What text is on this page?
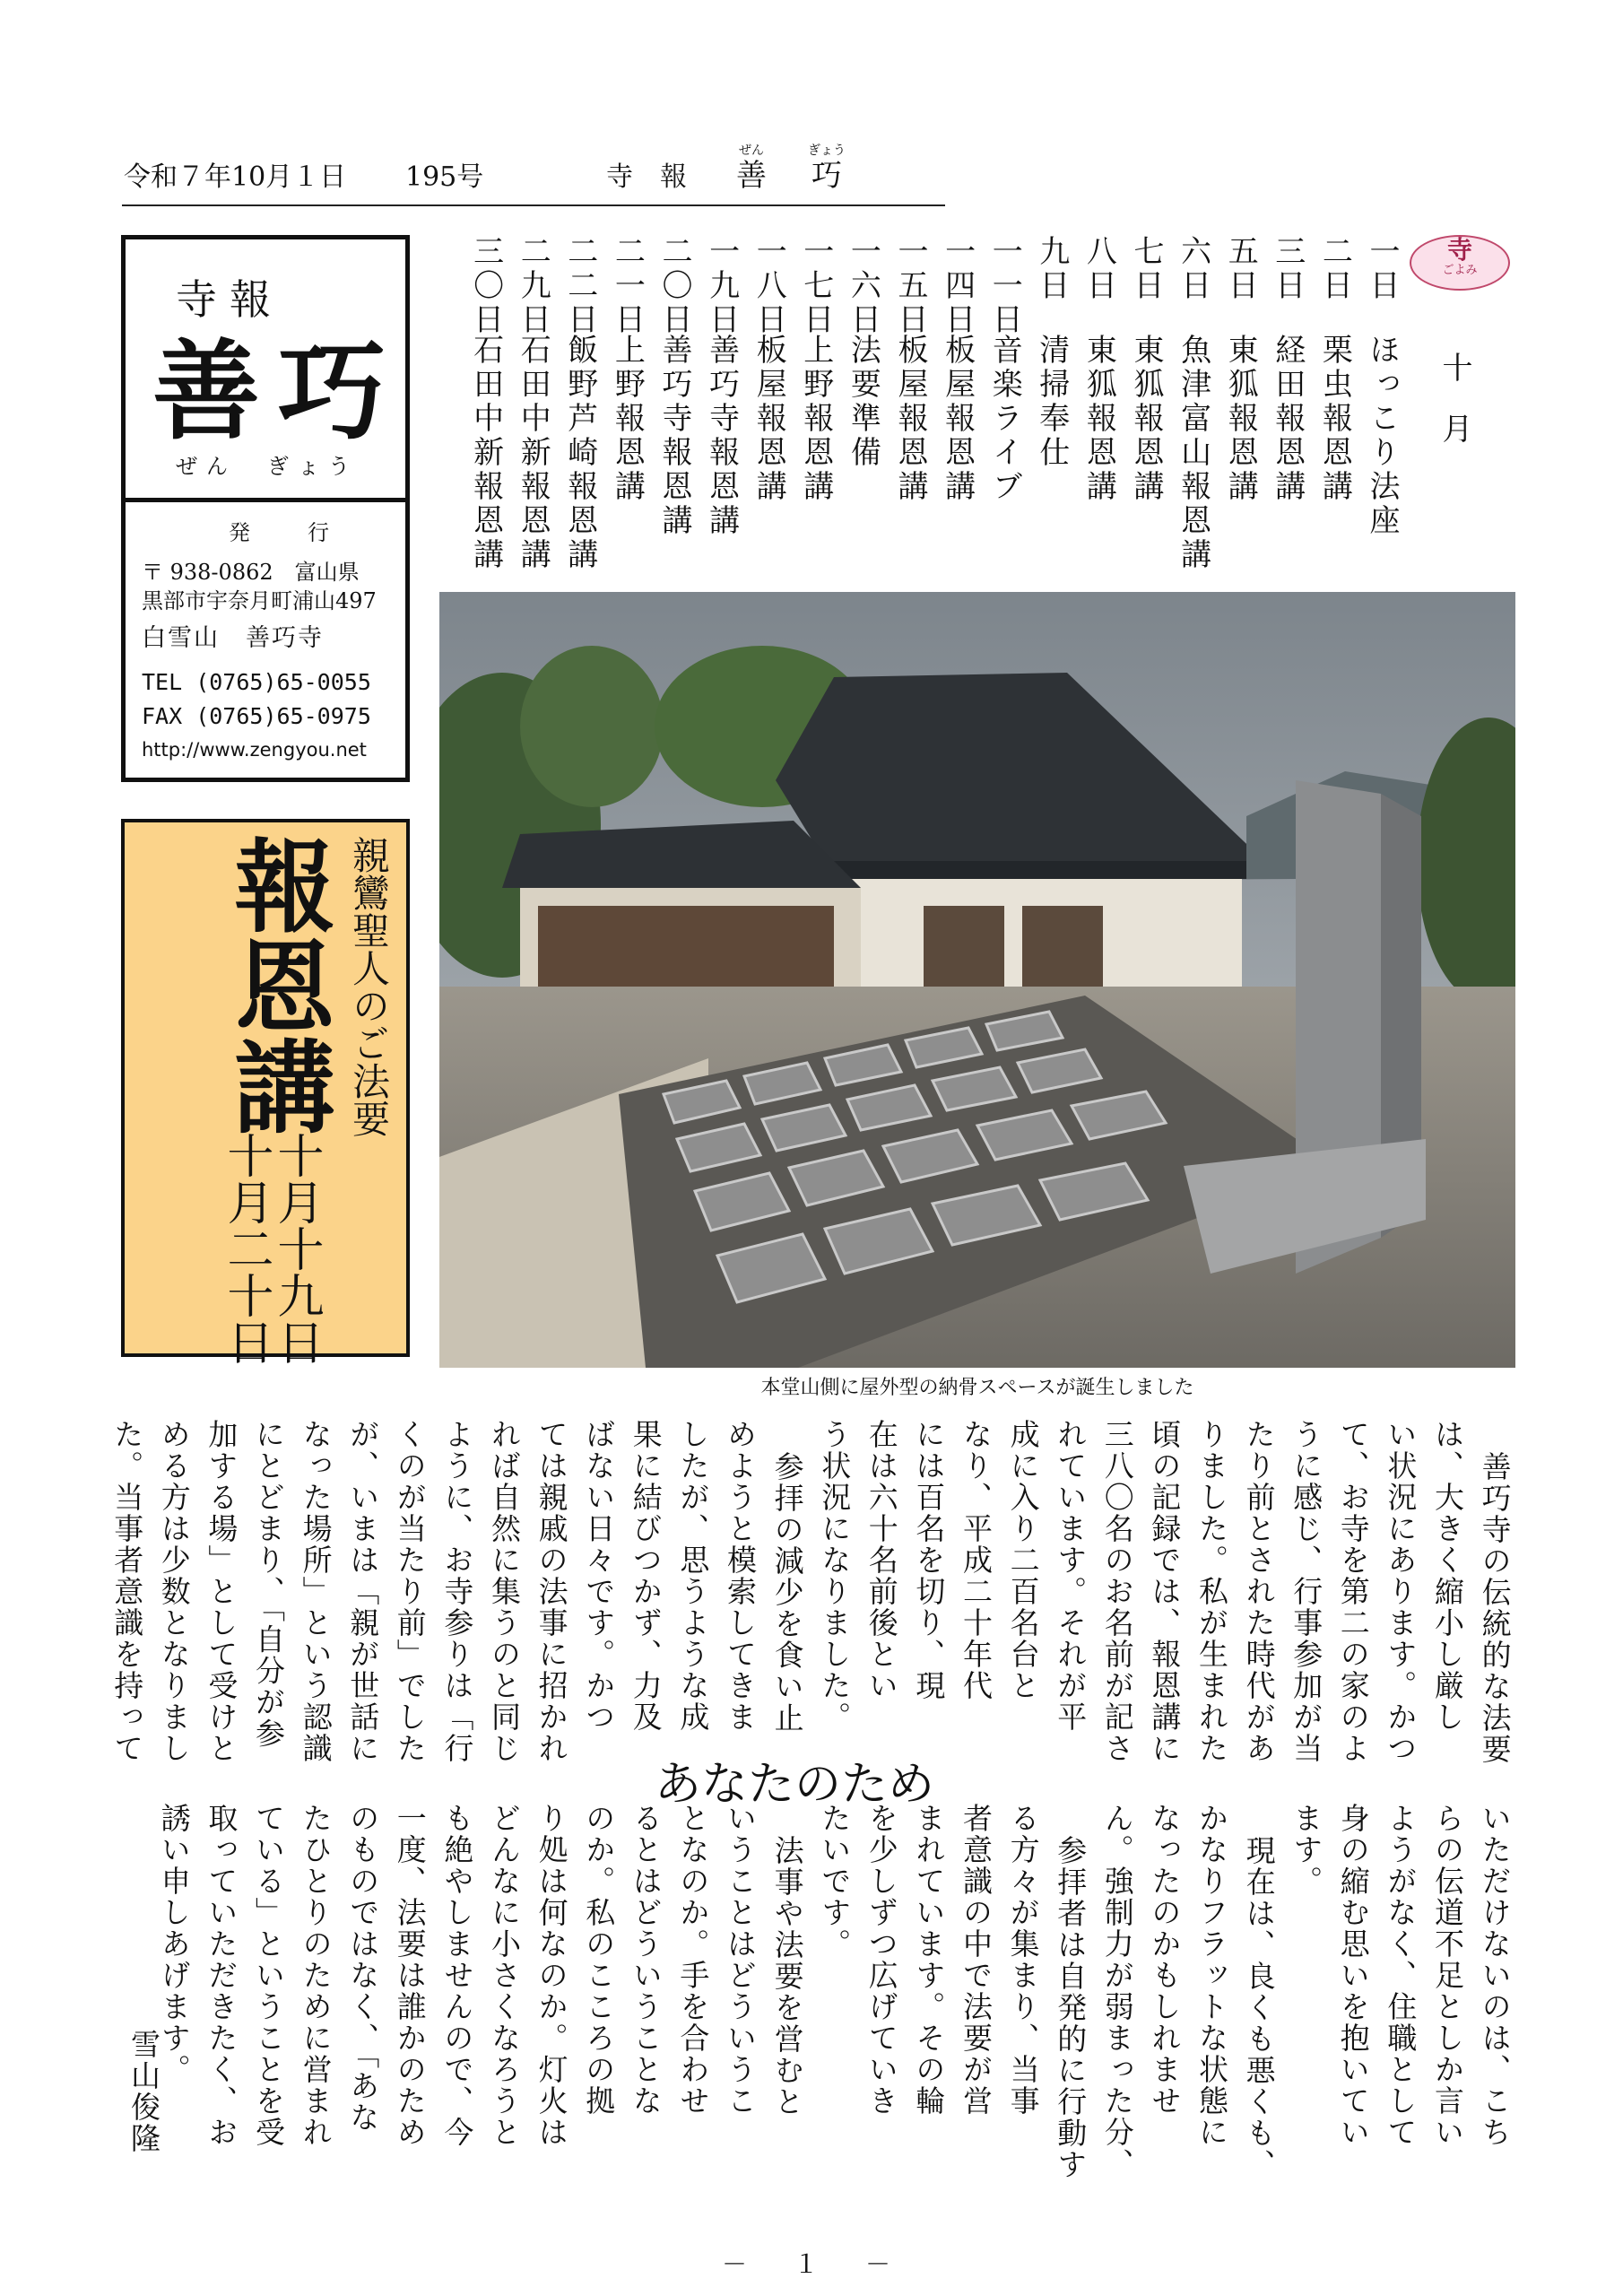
令和７年10月１日 195号	寺　報
ぜん
善
ぎょう
巧
寺報
善巧
ぜん　ぎょう
発　行
〒 938-0862　富山県
黒部市宇奈月町浦山497
白雪山　善巧寺
TEL (0765)65-0055
FAX (0765)65-0975
http://www.zengyou.net
親鸞聖人のご法要
報恩講
十月十九日
十月二十日
寺
ごよみ
十　月
一日ほっこり法座
二日栗虫報恩講
三日経田報恩講
五日東狐報恩講
六日魚津富山報恩講
七日東狐報恩講
八日東狐報恩講
九日清掃奉仕
一一日音楽ライブ
一四日板屋報恩講
一五日板屋報恩講
一六日法要準備
一七日上野報恩講
一八日板屋報恩講
一九日善巧寺報恩講
二〇日善巧寺報恩講
二一日上野報恩講
二二日飯野芦崎報恩講
二九日石田中新報恩講
三〇日石田中新報恩講
本堂山側に屋外型の納骨スペースが誕生しました
善巧寺の伝統的な法要
は、大きく縮小し厳し
い状況にあります。かつ
て、お寺を第二の家のよ
うに感じ、行事参加が当
たり前とされた時代があ
りました。私が生まれた
頃の記録では、報恩講に
三八〇名のお名前が記さ
れています。それが平
成に入り二百名台と
なり、平成二十年代
には百名を切り、現
在は六十名前後とい
う状況になりました。
参拝の減少を食い止
めようと模索してきま
したが、思うような成
果に結びつかず、力及
ばない日々です。かつ
ては親戚の法事に招かれ
れば自然に集うのと同じ
ように、お寺参りは「行
くのが当たり前」でした
が、いまは「親が世話に
なった場所」という認識
にとどまり、「自分が参
加する場」として受けと
める方は少数となりまし
た。当事者意識を持って
あなたのため
いただけないのは、こち
らの伝道不足としか言い
ようがなく、住職として
身の縮む思いを抱いてい
ます。
現在は、良くも悪くも、
かなりフラットな状態に
なったのかもしれませ
ん。強制力が弱まった分、
参拝者は自発的に行動す
る方々が集まり、当事
者意識の中で法要が営
まれています。その輪
を少しずつ広げていき
たいです。
法事や法要を営むと
いうことはどういうこ
となのか。手を合わせ
るとはどういうことな
のか。私のこころの拠
り処は何なのか。灯火は
どんなに小さくなろうと
も絶やしませんので、今
一度、法要は誰かのため
のものではなく、「あな
たひとりのために営まれ
ている」ということを受
取っていただきたく、お
誘い申しあげます。
雪山俊隆
－　１　－
